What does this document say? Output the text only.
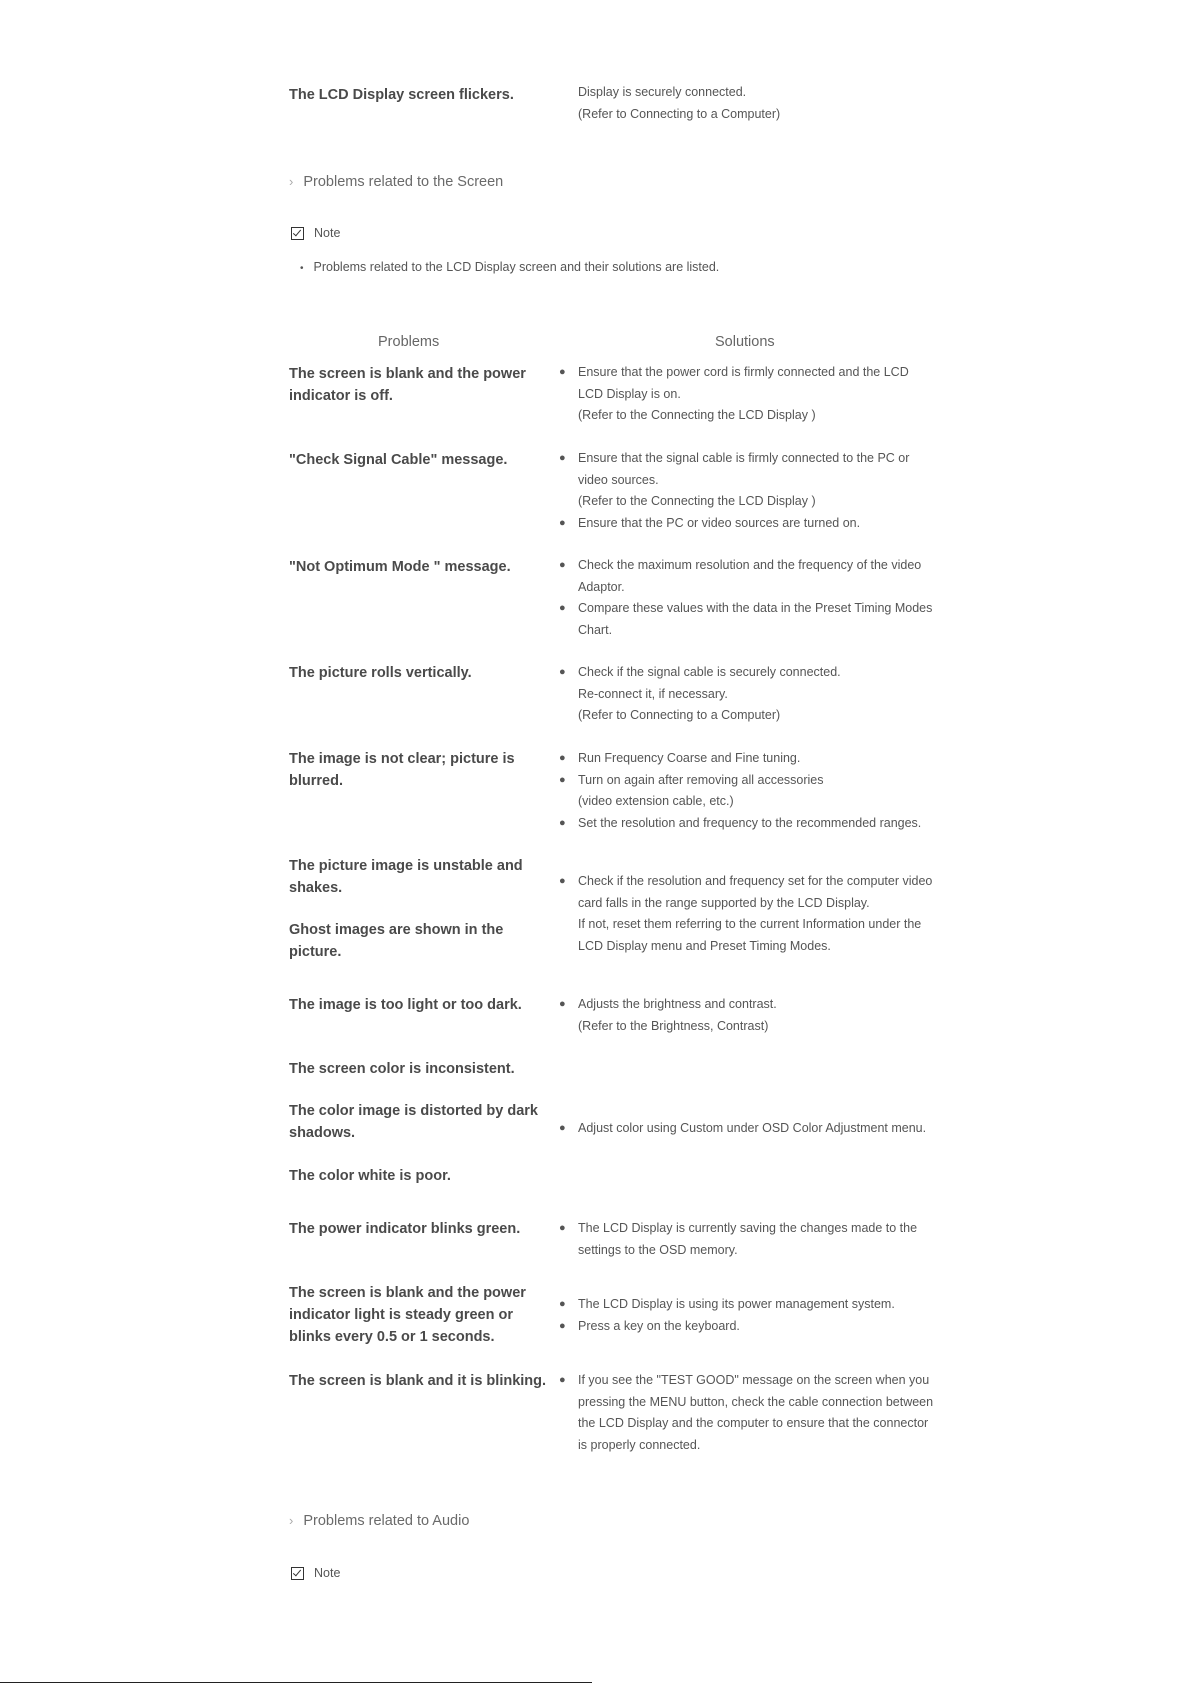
The LCD Display screen flickers.	Display is securely connected.
(Refer to Connecting to a Computer)
› Problems related to the Screen
Note
• Problems related to the LCD Display screen and their solutions are listed.
Problems	Solutions
The screen is blank and the power indicator is off.
● Ensure that the power cord is firmly connected and the LCD
LCD Display is on.
(Refer to the Connecting the LCD Display )
"Check Signal Cable" message.	● Ensure that the signal cable is firmly connected to the PC or
video sources.
(Refer to the Connecting the LCD Display )
● Ensure that the PC or video sources are turned on.
"Not Optimum Mode " message.	● Check the maximum resolution and the frequency of the video
Adaptor.
● Compare these values with the data in the Preset Timing Modes
Chart.
The picture rolls vertically.	● Check if the signal cable is securely connected.
Re-connect it, if necessary.
(Refer to Connecting to a Computer)
The image is not clear; picture is blurred.
● Run Frequency Coarse and Fine tuning.
● Turn on again after removing all accessories
(video extension cable, etc.)
● Set the resolution and frequency to the recommended ranges.
The picture image is unstable and shakes.
Ghost images are shown in the picture.
● Check if the resolution and frequency set for the computer video
card falls in the range supported by the LCD Display.
If not, reset them referring to the current Information under the
LCD Display menu and Preset Timing Modes.
The image is too light or too dark.	● Adjusts the brightness and contrast.
(Refer to the Brightness, Contrast)
The screen color is inconsistent.
The color image is distorted by dark shadows.
The color white is poor.
● Adjust color using Custom under OSD Color Adjustment menu.
The power indicator blinks green.	● The LCD Display is currently saving the changes made to the
settings to the OSD memory.
The screen is blank and the power indicator light is steady green or blinks every 0.5 or 1 seconds.
● The LCD Display is using its power management system.
● Press a key on the keyboard.
The screen is blank and it is blinking.	● If you see the "TEST GOOD" message on the screen when you
pressing the MENU button, check the cable connection between
the LCD Display and the computer to ensure that the connector
is properly connected.
› Problems related to Audio
Note
